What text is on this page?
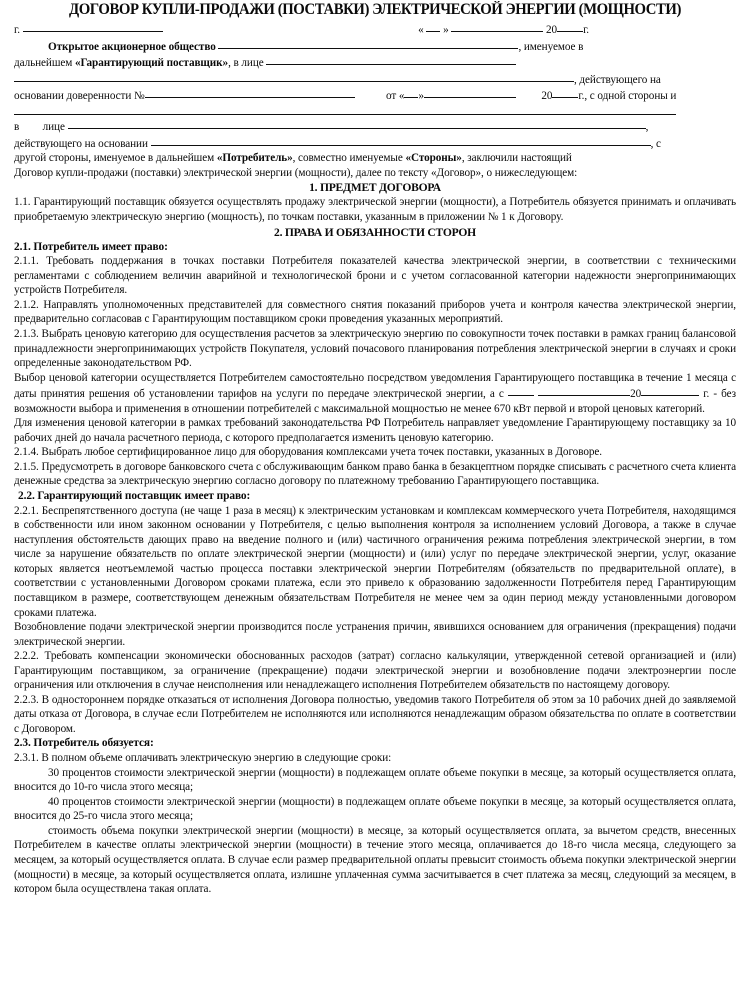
ДОГОВОР КУПЛИ-ПРОДАЖИ (ПОСТАВКИ) ЭЛЕКТРИЧЕСКОЙ ЭНЕРГИИ (МОЩНОСТИ)

г.	« »	20 г.

Открытое акционерное общество	, именуемое в

дальнейшем «Гарантирующий поставщик», в лице

, действующего на

основании доверенности №	от « »	20 г., с одной стороны и

в лице	,

действующего на основании	, с

другой стороны, именуемое в дальнейшем «Потребитель», совместно именуемые «Стороны», заключили настоящий

Договор купли-продажи (поставки) электрической энергии (мощности), далее по тексту «Договор», о нижеследующем:

1. ПРЕДМЕТ ДОГОВОРА

1.1. Гарантирующий поставщик обязуется осуществлять продажу электрической энергии (мощности), а Потребитель обязуется принимать и оплачивать приобретаемую электрическую энергию (мощность), по точкам поставки, указанным в приложении № 1 к Договору.

2. ПРАВА И ОБЯЗАННОСТИ СТОРОН
2.1. Потребитель имеет право:

2.1.1. Требовать поддержания в точках поставки Потребителя показателей качества электрической энергии, в соответствии с техническими регламентами с соблюдением величин аварийной и технологической брони и с учетом согласованной категории надежности энергопринимающих устройств Потребителя.

2.1.2. Направлять уполномоченных представителей для совместного снятия показаний приборов учета и контроля качества электрической энергии, предварительно согласовав с Гарантирующим поставщиком сроки проведения указанных мероприятий.

2.1.3. Выбрать ценовую категорию для осуществления расчетов за электрическую энергию по совокупности точек поставки в рамках границ балансовой принадлежности энергопринимающих устройств Покупателя, условий почасового планирования потребления электрической энергии в случаях и сроки определенные законодательством РФ.

Выбор ценовой категории осуществляется Потребителем самостоятельно посредством уведомления Гарантирующего поставщика в течение 1 месяца с даты принятия решения об установлении тарифов на услуги по передаче электрической энергии, а с	20	г. - без возможности выбора и применения в отношении потребителей с максимальной мощностью не менее 670 кВт первой и второй ценовых категорий.

Для изменения ценовой категории в рамках требований законодательства РФ Потребитель направляет уведомление Гарантирующему поставщику за 10 рабочих дней до начала расчетного периода, с которого предполагается изменить ценовую категорию.

2.1.4. Выбрать любое сертифицированное лицо для оборудования комплексами учета точек поставки, указанных в Договоре.

2.1.5. Предусмотреть в договоре банковского счета с обслуживающим банком право банка в безакцептном порядке списывать с расчетного счета клиента денежные средства за электрическую энергию согласно договору по платежному требованию Гарантирующего поставщика.

2.2. Гарантирующий поставщик имеет право:

2.2.1. Беспрепятственного доступа (не чаще 1 раза в месяц) к электрическим установкам и комплексам коммерческого учета Потребителя, находящимся в собственности или ином законном основании у Потребителя, с целью выполнения контроля за исполнением условий Договора, а также в случае наступления обстоятельств дающих право на введение полного и (или) частичного ограничения режима потребления электрической энергии, в том числе за нарушение обязательств по оплате электрической энергии (мощности) и (или) услуг по передаче электрической энергии, услуг, оказание которых является неотъемлемой частью процесса поставки электрической энергии Потребителям (обязательств по предварительной оплате), в соответствии с установленными Договором сроками платежа, если это привело к образованию задолженности Потребителя перед Гарантирующим поставщиком в размере, соответствующем денежным обязательствам Потребителя не менее чем за один период между установленными договором сроками платежа.

Возобновление подачи электрической энергии производится после устранения причин, явившихся основанием для ограничения (прекращения) подачи электрической энергии.

2.2.2. Требовать компенсации экономически обоснованных расходов (затрат) согласно калькуляции, утвержденной сетевой организацией и (или) Гарантирующим поставщиком, за ограничение (прекращение) подачи электрической энергии и возобновление подачи электроэнергии после ограничения или отключения в случае неисполнения или ненадлежащего исполнения Потребителем обязательств по настоящему договору.

2.2.3. В одностороннем порядке отказаться от исполнения Договора полностью, уведомив такого Потребителя об этом за 10 рабочих дней до заявляемой даты отказа от Договора, в случае если Потребителем не исполняются или исполняются ненадлежащим образом обязательства по оплате в соответствии с Договором.

2.3. Потребитель обязуется:

2.3.1. В полном объеме оплачивать электрическую энергию в следующие сроки:

30 процентов стоимости электрической энергии (мощности) в подлежащем оплате объеме покупки в месяце, за который осуществляется оплата, вносится до 10-го числа этого месяца;

40 процентов стоимости электрической энергии (мощности) в подлежащем оплате объеме покупки в месяце, за который осуществляется оплата, вносится до 25-го числа этого месяца;

стоимость объема покупки электрической энергии (мощности) в месяце, за который осуществляется оплата, за вычетом средств, внесенных Потребителем в качестве оплаты электрической энергии (мощности) в течение этого месяца, оплачивается до 18-го числа месяца, следующего за месяцем, за который осуществляется оплата. В случае если размер предварительной оплаты превысит стоимость объема покупки электрической энергии (мощности) в месяце, за который осуществляется оплата, излишне уплаченная сумма засчитывается в счет платежа за месяц, следующий за месяцем, в котором была осуществлена такая оплата.
